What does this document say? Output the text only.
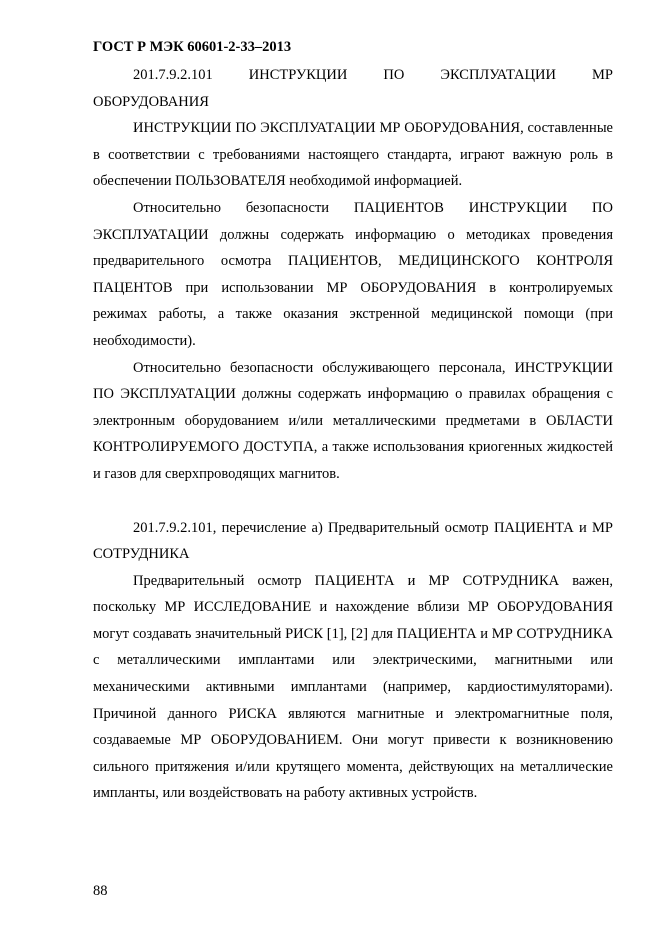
ГОСТ Р МЭК 60601-2-33–2013

201.7.9.2.101      ИНСТРУКЦИИ      ПО      ЭКСПЛУАТАЦИИ      МР ОБОРУДОВАНИЯ

ИНСТРУКЦИИ ПО ЭКСПЛУАТАЦИИ МР ОБОРУДОВАНИЯ, составленные в соответствии с требованиями настоящего стандарта, играют важную роль в обеспечении ПОЛЬЗОВАТЕЛЯ необходимой информацией.

Относительно безопасности ПАЦИЕНТОВ ИНСТРУКЦИИ ПО ЭКСПЛУАТАЦИИ должны содержать информацию о методиках проведения предварительного осмотра ПАЦИЕНТОВ, МЕДИЦИНСКОГО КОНТРОЛЯ ПАЦЕНТОВ при использовании МР ОБОРУДОВАНИЯ в контролируемых режимах работы, а также оказания экстренной медицинской помощи (при необходимости).

Относительно безопасности обслуживающего персонала, ИНСТРУКЦИИ ПО ЭКСПЛУАТАЦИИ должны содержать информацию о правилах обращения с электронным оборудованием и/или металлическими предметами в ОБЛАСТИ КОНТРОЛИРУЕМОГО ДОСТУПА, а также использования криогенных жидкостей и газов для сверхпроводящих магнитов.

201.7.9.2.101, перечисление а) Предварительный осмотр ПАЦИЕНТА и МР СОТРУДНИКА

Предварительный осмотр ПАЦИЕНТА и МР СОТРУДНИКА важен, поскольку МР ИССЛЕДОВАНИЕ и нахождение вблизи МР ОБОРУДОВАНИЯ могут создавать значительный РИСК [1], [2] для ПАЦИЕНТА и МР СОТРУДНИКА с металлическими имплантами или электрическими, магнитными или механическими активными имплантами (например, кардиостимуляторами). Причиной данного РИСКА являются магнитные и электромагнитные поля, создаваемые МР ОБОРУДОВАНИЕМ. Они могут привести к возникновению сильного притяжения и/или крутящего момента, действующих на металлические импланты, или воздействовать на работу активных устройств.

88
